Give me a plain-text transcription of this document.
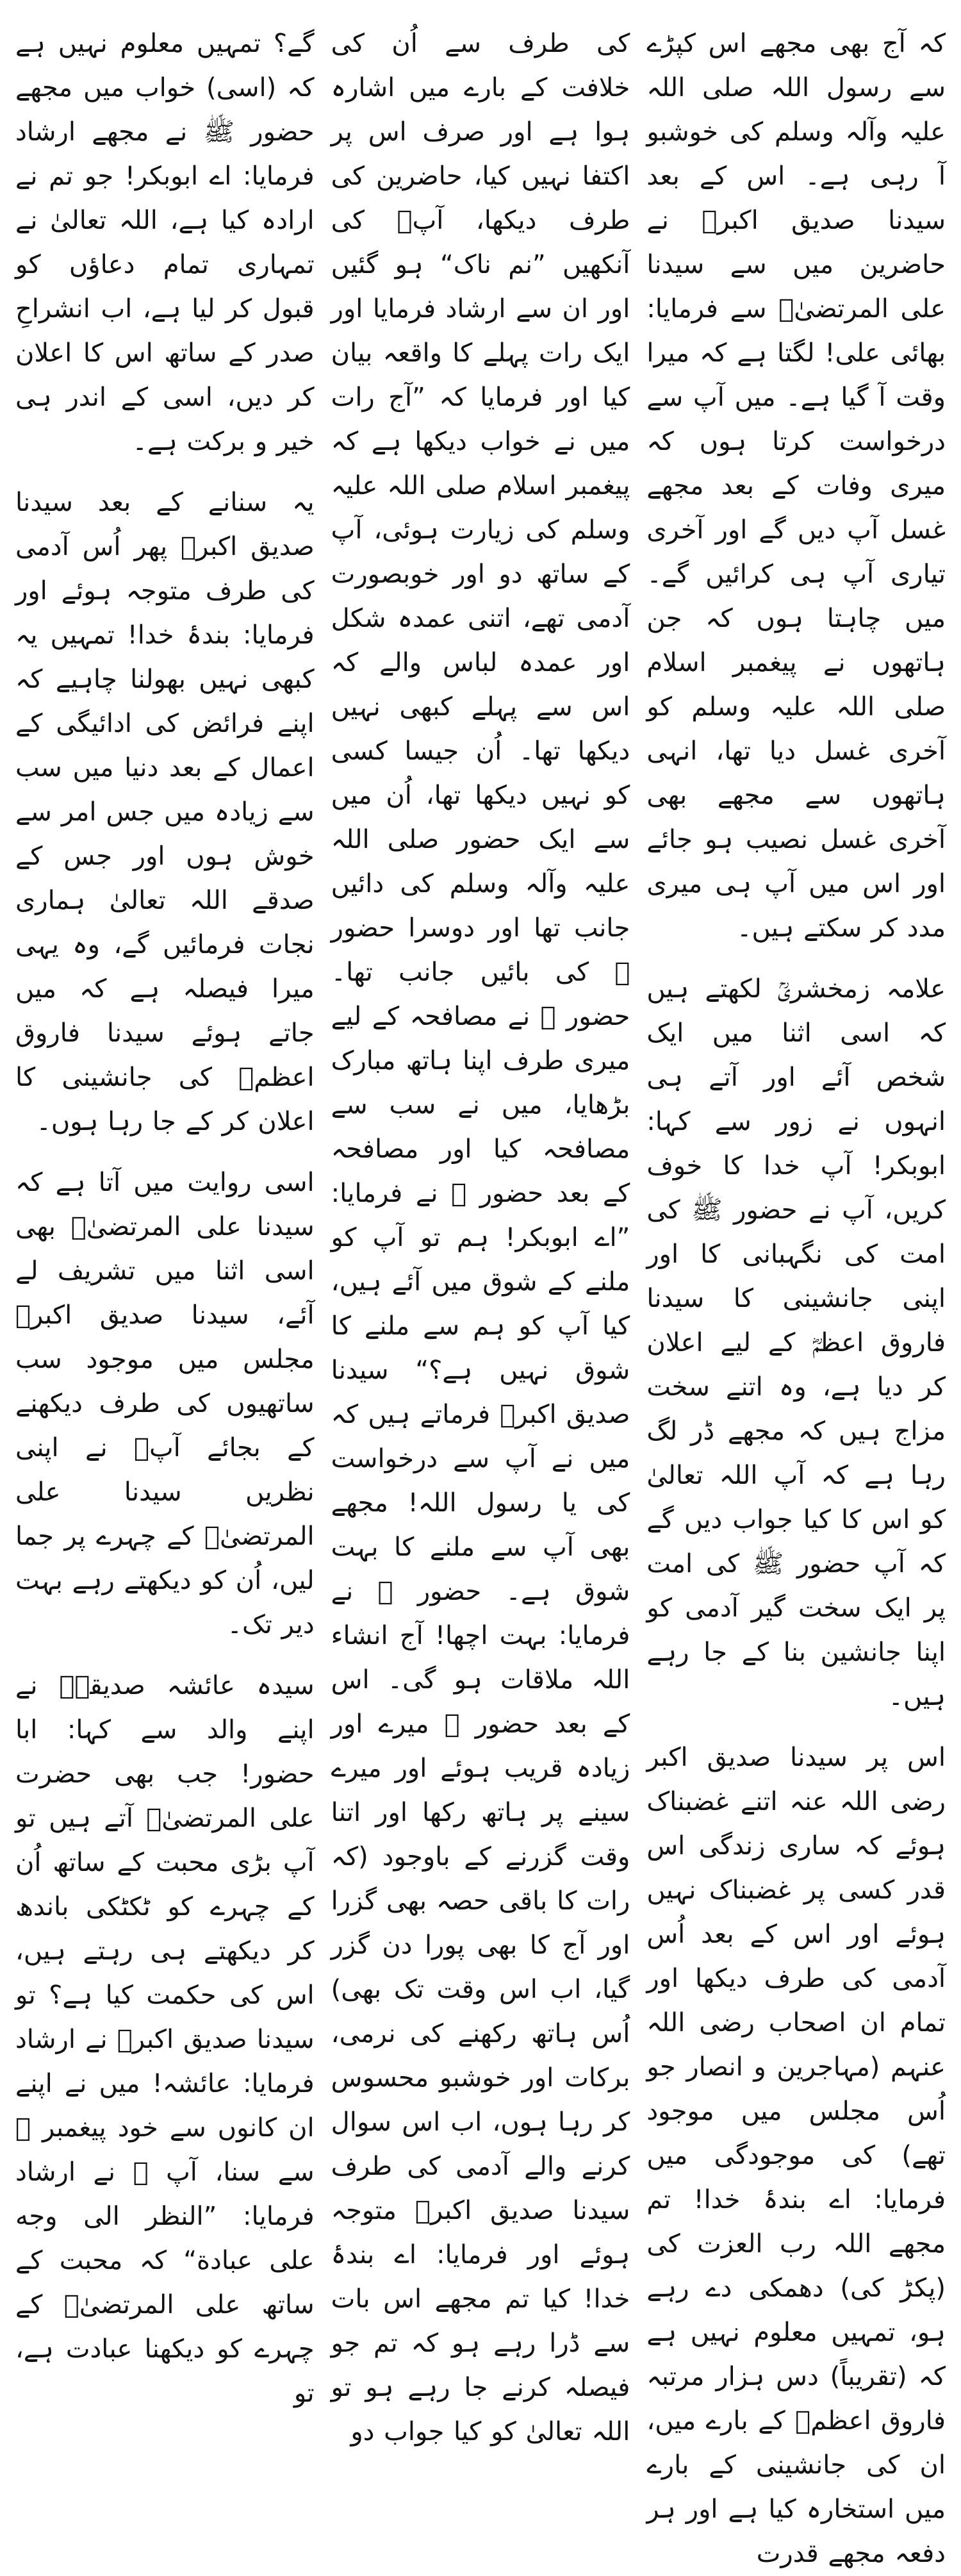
کہ آج بھی مجھے اس کپڑے سے رسول اللہ صلی اللہ علیہ وآلہ وسلم کی خوشبو آ رہی ہے۔ اس کے بعد سیدنا صدیق اکبرؓ نے حاضرین میں سے سیدنا علی المرتضیٰؓ سے فرمایا: بھائی علی! لگتا ہے کہ میرا وقت آ گیا ہے۔ میں آپ سے درخواست کرتا ہوں کہ میری وفات کے بعد مجھے غسل آپ دیں گے اور آخری تیاری آپ ہی کرائیں گے۔ میں چاہتا ہوں کہ جن ہاتھوں نے پیغمبر اسلام صلی اللہ علیہ وسلم کو آخری غسل دیا تھا، انہی ہاتھوں سے مجھے بھی آخری غسل نصیب ہو جائے اور اس میں آپ ہی میری مدد کر سکتے ہیں۔

علامہ زمخشریؒ لکھتے ہیں کہ اسی اثنا میں ایک شخص آئے اور آتے ہی انہوں نے زور سے کہا: ابوبکر! آپ خدا کا خوف کریں، آپ نے حضور ﷺ کی امت کی نگہبانی کا اور اپنی جانشینی کا سیدنا فاروق اعظمؓ کے لیے اعلان کر دیا ہے، وہ اتنے سخت مزاج ہیں کہ مجھے ڈر لگ رہا ہے کہ آپ اللہ تعالیٰ کو اس کا کیا جواب دیں گے کہ آپ حضور ﷺ کی امت پر ایک سخت گیر آدمی کو اپنا جانشین بنا کے جا رہے ہیں۔

اس پر سیدنا صدیق اکبر رضی اللہ عنہ اتنے غضبناک ہوئے کہ ساری زندگی اس قدر کسی پر غضبناک نہیں ہوئے اور اس کے بعد اُس آدمی کی طرف دیکھا اور تمام ان اصحاب رضی اللہ عنہم (مہاجرین و انصار جو اُس مجلس میں موجود تھے) کی موجودگی میں فرمایا: اے بندۂ خدا! تم مجھے اللہ رب العزت کی (پکڑ کی) دھمکی دے رہے ہو، تمہیں معلوم نہیں ہے کہ (تقریباً) دس ہزار مرتبہ فاروق اعظمؓ کے بارے میں، ان کی جانشینی کے بارے میں استخارہ کیا ہے اور ہر دفعہ مجھے قدرت

کی طرف سے اُن کی خلافت کے بارے میں اشارہ ہوا ہے اور صرف اس پر اکتفا نہیں کیا، حاضرین کی طرف دیکھا، آپؓ کی آنکھیں ”نم ناک“ ہو گئیں اور ان سے ارشاد فرمایا اور ایک رات پہلے کا واقعہ بیان کیا اور فرمایا کہ ”آج رات میں نے خواب دیکھا ہے کہ پیغمبر اسلام صلی اللہ علیہ وسلم کی زیارت ہوئی، آپ کے ساتھ دو اور خوبصورت آدمی تھے، اتنی عمدہ شکل اور عمدہ لباس والے کہ اس سے پہلے کبھی نہیں دیکھا تھا۔ اُن جیسا کسی کو نہیں دیکھا تھا، اُن میں سے ایک حضور صلی اللہ علیہ وآلہ وسلم کی دائیں جانب تھا اور دوسرا حضور ﷺ کی بائیں جانب تھا۔ حضور ﷺ نے مصافحہ کے لیے میری طرف اپنا ہاتھ مبارک بڑھایا، میں نے سب سے مصافحہ کیا اور مصافحہ کے بعد حضور ﷺ نے فرمایا: ”اے ابوبکر! ہم تو آپ کو ملنے کے شوق میں آئے ہیں، کیا آپ کو ہم سے ملنے کا شوق نہیں ہے؟“ سیدنا صدیق اکبرؓ فرماتے ہیں کہ میں نے آپ سے درخواست کی یا رسول اللہ! مجھے بھی آپ سے ملنے کا بہت شوق ہے۔ حضور ﷺ نے فرمایا: بہت اچھا! آج انشاء اللہ ملاقات ہو گی۔ اس کے بعد حضور ﷺ میرے اور زیادہ قریب ہوئے اور میرے سینے پر ہاتھ رکھا اور اتنا وقت گزرنے کے باوجود (کہ رات کا باقی حصہ بھی گزرا اور آج کا بھی پورا دن گزر گیا، اب اس وقت تک بھی) اُس ہاتھ رکھنے کی نرمی، برکات اور خوشبو محسوس کر رہا ہوں، اب اس سوال کرنے والے آدمی کی طرف سیدنا صدیق اکبرؓ متوجہ ہوئے اور فرمایا: اے بندۂ خدا! کیا تم مجھے اس بات سے ڈرا رہے ہو کہ تم جو فیصلہ کرنے جا رہے ہو تو اللہ تعالیٰ کو کیا جواب دو

گے؟ تمہیں معلوم نہیں ہے کہ (اسی) خواب میں مجھے حضور ﷺ نے مجھے ارشاد فرمایا: اے ابوبکر! جو تم نے ارادہ کیا ہے، اللہ تعالیٰ نے تمہاری تمام دعاؤں کو قبول کر لیا ہے، اب انشراحِ صدر کے ساتھ اس کا اعلان کر دیں، اسی کے اندر ہی خیر و برکت ہے۔

یہ سنانے کے بعد سیدنا صدیق اکبرؓ پھر اُس آدمی کی طرف متوجہ ہوئے اور فرمایا: بندۂ خدا! تمہیں یہ کبھی نہیں بھولنا چاہیے کہ اپنے فرائض کی ادائیگی کے اعمال کے بعد دنیا میں سب سے زیادہ میں جس امر سے خوش ہوں اور جس کے صدقے اللہ تعالیٰ ہماری نجات فرمائیں گے، وہ یہی میرا فیصلہ ہے کہ میں جاتے ہوئے سیدنا فاروق اعظمؓ کی جانشینی کا اعلان کر کے جا رہا ہوں۔

اسی روایت میں آتا ہے کہ سیدنا علی المرتضیٰؓ بھی اسی اثنا میں تشریف لے آئے، سیدنا صدیق اکبرؓ مجلس میں موجود سب ساتھیوں کی طرف دیکھنے کے بجائے آپؓ نے اپنی نظریں سیدنا علی المرتضیٰؓ کے چہرے پر جما لیں، اُن کو دیکھتے رہے بہت دیر تک۔

سیدہ عائشہ صدیقہؓ نے اپنے والد سے کہا: ابا حضور! جب بھی حضرت علی المرتضیٰؓ آتے ہیں تو آپ بڑی محبت کے ساتھ اُن کے چہرے کو ٹکٹکی باندھ کر دیکھتے ہی رہتے ہیں، اس کی حکمت کیا ہے؟ تو سیدنا صدیق اکبرؓ نے ارشاد فرمایا: عائشہ! میں نے اپنے ان کانوں سے خود پیغمبر ﷺ سے سنا، آپ ﷺ نے ارشاد فرمایا: ”النظر الی وجه علی عبادة“ کہ محبت کے ساتھ علی المرتضیٰؓ کے چہرے کو دیکھنا عبادت ہے، تو
